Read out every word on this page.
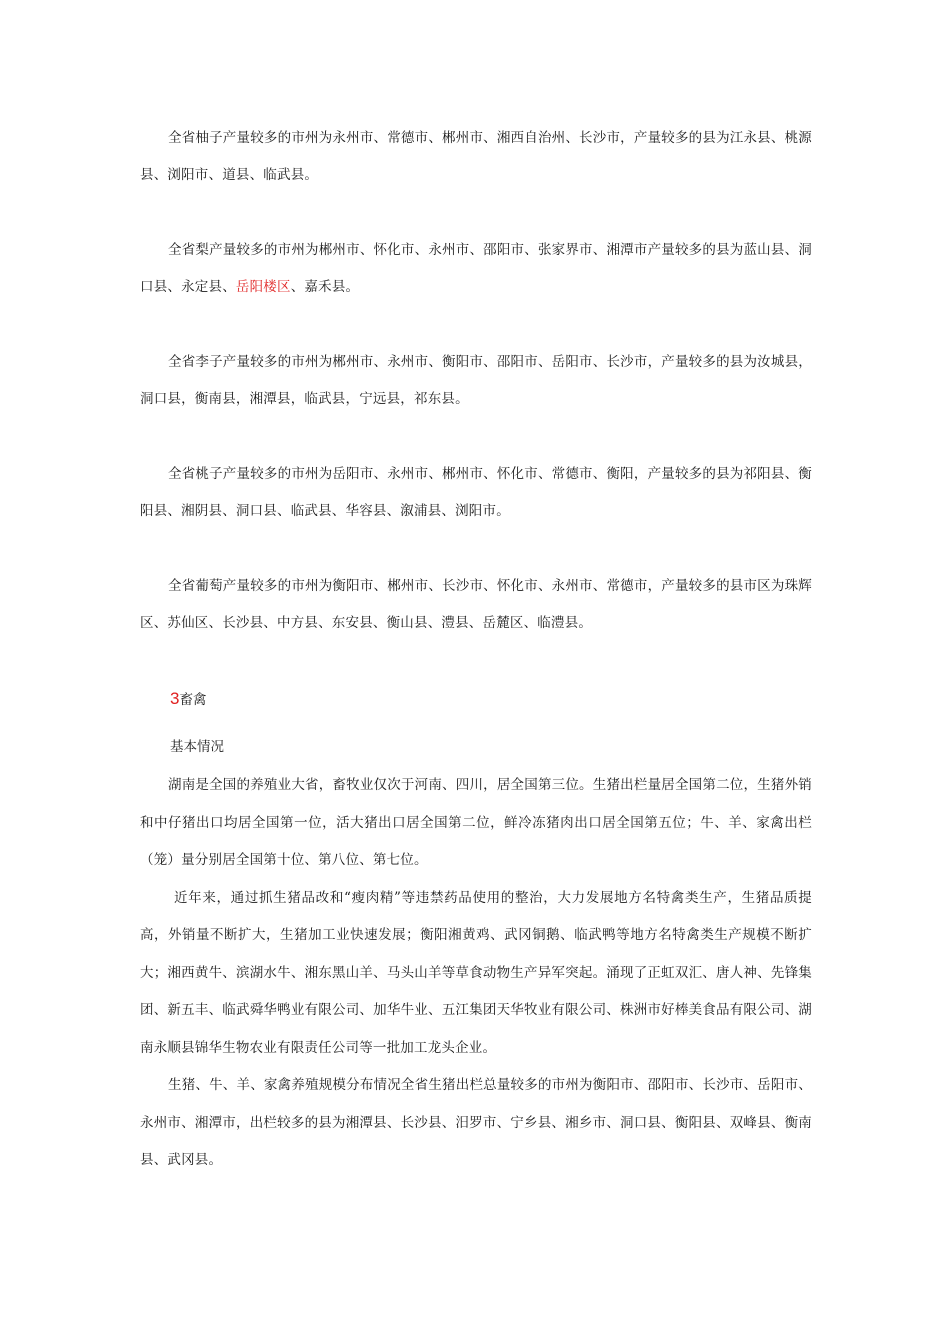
全省柚子产量较多的市州为永州市、常德市、郴州市、湘西自治州、长沙市，产量较多的县为江永县、桃源县、浏阳市、道县、临武县。

全省梨产量较多的市州为郴州市、怀化市、永州市、邵阳市、张家界市、湘潭市产量较多的县为蓝山县、洞口县、永定县、岳阳楼区、嘉禾县。

全省李子产量较多的市州为郴州市、永州市、衡阳市、邵阳市、岳阳市、长沙市，产量较多的县为汝城县，洞口县，衡南县，湘潭县，临武县，宁远县，祁东县。

全省桃子产量较多的市州为岳阳市、永州市、郴州市、怀化市、常德市、衡阳，产量较多的县为祁阳县、衡阳县、湘阴县、洞口县、临武县、华容县、溆浦县、浏阳市。

全省葡萄产量较多的市州为衡阳市、郴州市、长沙市、怀化市、永州市、常德市，产量较多的县市区为珠辉区、苏仙区、长沙县、中方县、东安县、衡山县、澧县、岳麓区、临澧县。

3畜禽

基本情况

湖南是全国的养殖业大省，畜牧业仅次于河南、四川，居全国第三位。生猪出栏量居全国第二位，生猪外销和中仔猪出口均居全国第一位，活大猪出口居全国第二位，鲜冷冻猪肉出口居全国第五位；牛、羊、家禽出栏（笼）量分别居全国第十位、第八位、第七位。

近年来，通过抓生猪品改和“瘦肉精”等违禁药品使用的整治，大力发展地方名特禽类生产，生猪品质提高，外销量不断扩大，生猪加工业快速发展；衡阳湘黄鸡、武冈铜鹅、临武鸭等地方名特禽类生产规模不断扩大；湘西黄牛、滨湖水牛、湘东黑山羊、马头山羊等草食动物生产异军突起。涌现了正虹双汇、唐人神、先锋集团、新五丰、临武舜华鸭业有限公司、加华牛业、五江集团天华牧业有限公司、株洲市好棒美食品有限公司、湖南永顺县锦华生物农业有限责任公司等一批加工龙头企业。

生猪、牛、羊、家禽养殖规模分布情况全省生猪出栏总量较多的市州为衡阳市、邵阳市、长沙市、岳阳市、永州市、湘潭市，出栏较多的县为湘潭县、长沙县、汨罗市、宁乡县、湘乡市、洞口县、衡阳县、双峰县、衡南县、武冈县。
